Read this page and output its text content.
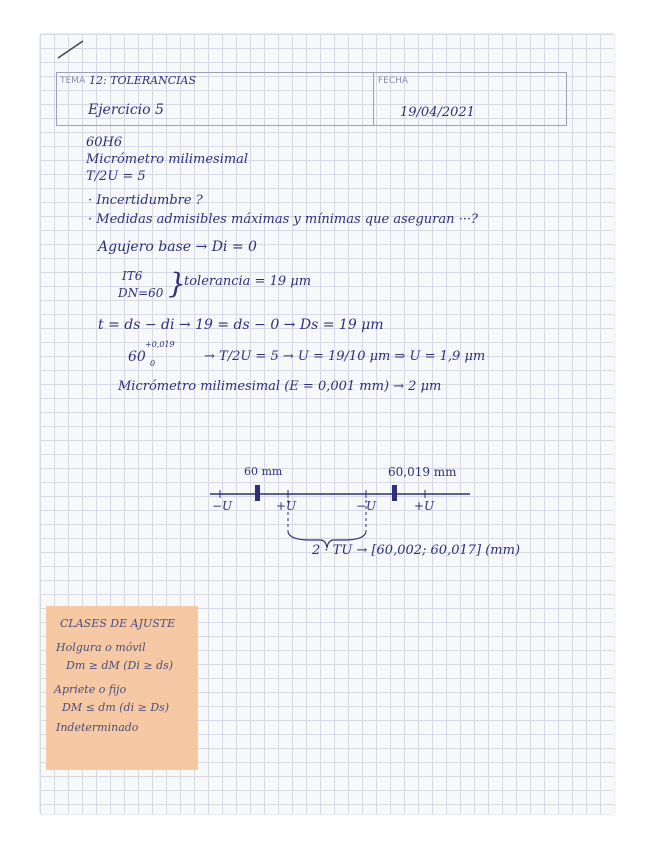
TEMA 12: TOLERANCIAS	FECHA
19/04/2021
Ejercicio 5
60H6
Micrómetro milimesimal
T/2U = 5
· Incertidumbre ?
· Medidas admisibles máximas y mínimas que aseguran ···?
Agujero base → Di = 0
IT6
DN=60 }
tolerancia = 19 μm
t = ds − di → 19 = ds − 0 → Ds = 19 μm
60
+0,019
0	→ T/2U = 5 → U = 19/10 μm ⇒ U = 1,9 μm
Micrómetro milimesimal (E = 0,001 mm) → 2 μm
60 mm	60,019 mm
−U	+U	−U	+U
2 · TU → [60,002; 60,017] (mm)
CLASES DE AJUSTE
Holgura o móvil
Dm ≥ dM (Di ≥ ds)
Apriete o fijo
DM ≤ dm (di ≥ Ds)
Indeterminado
